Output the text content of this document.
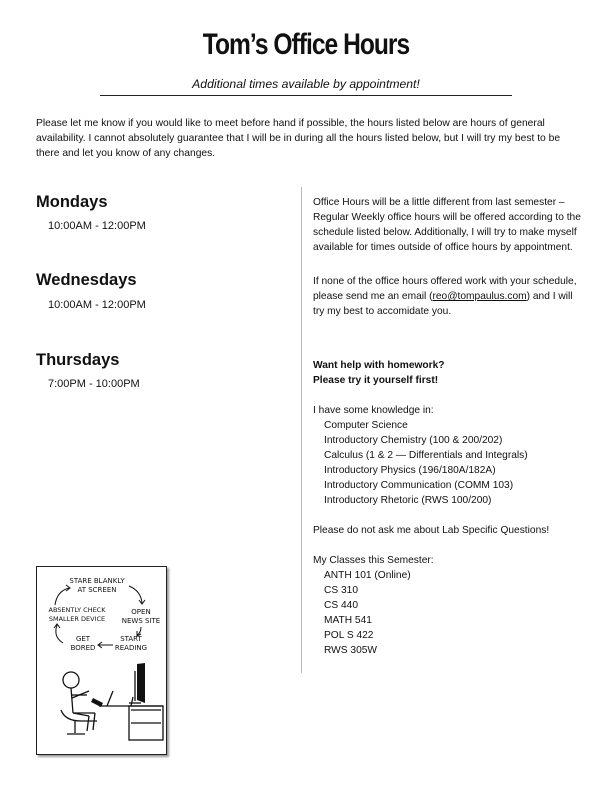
Tom’s Office Hours
Additional times available by appointment!
Please let me know if you would like to meet before hand if possible, the hours listed below are hours of general availability. I cannot absolutely guarantee that I will be in during all the hours listed below, but I will try my best to be there and let you know of any changes.
Mondays
10:00AM - 12:00PM
Wednesdays
10:00AM - 12:00PM
Thursdays
7:00PM - 10:00PM

Office Hours will be a little different from last semester – Regular Weekly office hours will be offered according to the schedule listed below. Additionally, I will try to make myself available for times outside of office hours by appointment.

If none of the office hours offered work with your schedule, please send me an email (reo@tompaulus.com) and I will try my best to accomidate you.

Want help with homework?

Please try it yourself first!

I have some knowledge in:

Computer Science

Introductory Chemistry (100 & 200/202)

Calculus (1 & 2 — Differentials and Integrals)

Introductory Physics (196/180A/182A)

Introductory Communication (COMM 103)

Introductory Rhetoric (RWS 100/200)

Please do not ask me about Lab Specific Questions!

My Classes this Semester:

ANTH 101 (Online)

CS 310

CS 440

MATH 541

POL S 422

RWS 305W

STARE BLANKLY
AT SCREEN
OPEN
NEWS SITE
START
READING
GET
BORED
ABSENTLY CHECK
SMALLER DEVICE
